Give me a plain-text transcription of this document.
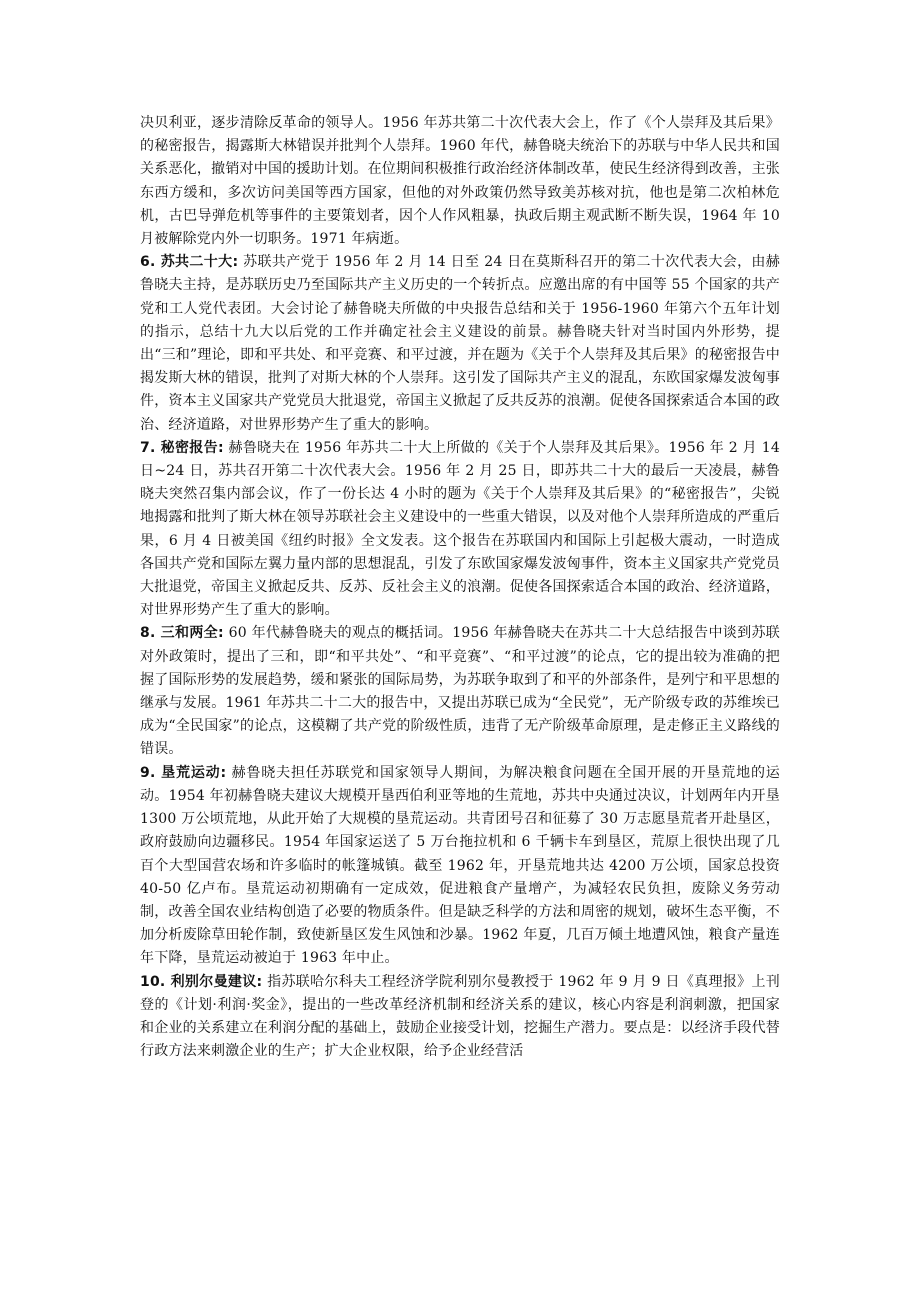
决贝利亚，逐步清除反革命的领导人。1956 年苏共第二十次代表大会上，作了《个人崇拜及其后果》的秘密报告，揭露斯大林错误并批判个人崇拜。1960 年代，赫鲁晓夫统治下的苏联与中华人民共和国关系恶化，撤销对中国的援助计划。在位期间积极推行政治经济体制改革，使民生经济得到改善，主张东西方缓和，多次访问美国等西方国家，但他的对外政策仍然导致美苏核对抗，他也是第二次柏林危机，古巴导弹危机等事件的主要策划者，因个人作风粗暴，执政后期主观武断不断失误，1964 年 10 月被解除党内外一切职务。1971 年病逝。

6. 苏共二十大: 苏联共产党于 1956 年 2 月 14 日至 24 日在莫斯科召开的第二十次代表大会，由赫鲁晓夫主持，是苏联历史乃至国际共产主义历史的一个转折点。应邀出席的有中国等 55 个国家的共产党和工人党代表团。大会讨论了赫鲁晓夫所做的中央报告总结和关于 1956-1960 年第六个五年计划的指示，总结十九大以后党的工作并确定社会主义建设的前景。赫鲁晓夫针对当时国内外形势，提出“三和”理论，即和平共处、和平竞赛、和平过渡，并在题为《关于个人崇拜及其后果》的秘密报告中揭发斯大林的错误，批判了对斯大林的个人崇拜。这引发了国际共产主义的混乱，东欧国家爆发波匈事件，资本主义国家共产党党员大批退党，帝国主义掀起了反共反苏的浪潮。促使各国探索适合本国的政治、经济道路，对世界形势产生了重大的影响。

7. 秘密报告: 赫鲁晓夫在 1956 年苏共二十大上所做的《关于个人崇拜及其后果》。1956 年 2 月 14 日~24 日，苏共召开第二十次代表大会。1956 年 2 月 25 日，即苏共二十大的最后一天凌晨，赫鲁晓夫突然召集内部会议，作了一份长达 4 小时的题为《关于个人崇拜及其后果》的“秘密报告”，尖锐地揭露和批判了斯大林在领导苏联社会主义建设中的一些重大错误，以及对他个人崇拜所造成的严重后果，6 月 4 日被美国《纽约时报》全文发表。这个报告在苏联国内和国际上引起极大震动，一时造成各国共产党和国际左翼力量内部的思想混乱，引发了东欧国家爆发波匈事件，资本主义国家共产党党员大批退党，帝国主义掀起反共、反苏、反社会主义的浪潮。促使各国探索适合本国的政治、经济道路，对世界形势产生了重大的影响。

8. 三和两全: 60 年代赫鲁晓夫的观点的概括词。1956 年赫鲁晓夫在苏共二十大总结报告中谈到苏联对外政策时，提出了三和，即“和平共处”、“和平竞赛”、“和平过渡”的论点，它的提出较为准确的把握了国际形势的发展趋势，缓和紧张的国际局势，为苏联争取到了和平的外部条件，是列宁和平思想的继承与发展。1961 年苏共二十二大的报告中，又提出苏联已成为“全民党”，无产阶级专政的苏维埃已成为“全民国家”的论点，这模糊了共产党的阶级性质，违背了无产阶级革命原理，是走修正主义路线的错误。

9. 垦荒运动: 赫鲁晓夫担任苏联党和国家领导人期间，为解决粮食问题在全国开展的开垦荒地的运动。1954 年初赫鲁晓夫建议大规模开垦西伯利亚等地的生荒地，苏共中央通过决议，计划两年内开垦 1300 万公顷荒地，从此开始了大规模的垦荒运动。共青团号召和征募了 30 万志愿垦荒者开赴垦区，政府鼓励向边疆移民。1954 年国家运送了 5 万台拖拉机和 6 千辆卡车到垦区，荒原上很快出现了几百个大型国营农场和许多临时的帐篷城镇。截至 1962 年，开垦荒地共达 4200 万公顷，国家总投资 40-50 亿卢布。垦荒运动初期确有一定成效，促进粮食产量增产，为减轻农民负担，废除义务劳动制，改善全国农业结构创造了必要的物质条件。但是缺乏科学的方法和周密的规划，破坏生态平衡，不加分析废除草田轮作制，致使新垦区发生风蚀和沙暴。1962 年夏，几百万倾土地遭风蚀，粮食产量连年下降，垦荒运动被迫于 1963 年中止。

10. 利别尔曼建议: 指苏联哈尔科夫工程经济学院利别尔曼教授于 1962 年 9 月 9 日《真理报》上刊登的《计划·利润·奖金》，提出的一些改革经济机制和经济关系的建议，核心内容是利润刺激，把国家和企业的关系建立在利润分配的基础上，鼓励企业接受计划，挖掘生产潜力。要点是：以经济手段代替行政方法来刺激企业的生产；扩大企业权限，给予企业经营活
